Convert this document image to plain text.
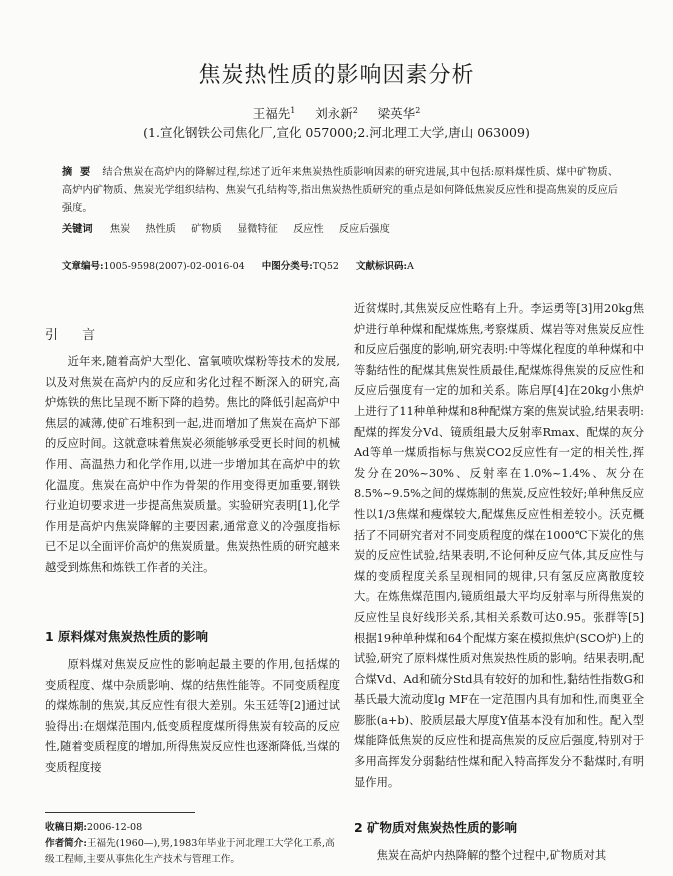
焦炭热性质的影响因素分析
王福先$^1$ 刘永新$^2$ 梁英华$^2$
(1.宣化钢铁公司焦化厂,宣化 057000;2.河北理工大学,唐山 063009)
摘 要 结合焦炭在高炉内的降解过程,综述了近年来焦炭热性质影响因素的研究进展,其中包括:原料煤性质、煤中矿物质、高炉内矿物质、焦炭光学组织结构、焦炭气孔结构等,指出焦炭热性质研究的重点是如何降低焦炭反应性和提高焦炭的反应后强度。
关键词 焦炭 热性质 矿物质 显微特征 反应性 反应后强度
文章编号:1005-9598(2007)-02-0016-04 中图分类号:TQ52 文献标识码:A
引 言

近年来,随着高炉大型化、富氧喷吹煤粉等技术的发展,以及对焦炭在高炉内的反应和劣化过程不断深入的研究,高炉炼铁的焦比呈现不断下降的趋势。焦比的降低引起高炉中焦层的减薄,使矿石堆积到一起,进而增加了焦炭在高炉下部的反应时间。这就意味着焦炭必须能够承受更长时间的机械作用、高温热力和化学作用,以进一步增加其在高炉中的软化温度。焦炭在高炉中作为骨架的作用变得更加重要,钢铁行业迫切要求进一步提高焦炭质量。实验研究表明[1],化学作用是高炉内焦炭降解的主要因素,通常意义的冷强度指标已不足以全面评价高炉的焦炭质量。焦炭热性质的研究越来越受到炼焦和炼铁工作者的关注。

1 原料煤对焦炭热性质的影响

原料煤对焦炭反应性的影响起最主要的作用,包括煤的变质程度、煤中杂质影响、煤的结焦性能等。不同变质程度的煤炼制的焦炭,其反应性有很大差别。朱玉廷等[2]通过试验得出:在烟煤范围内,低变质程度煤所得焦炭有较高的反应性,随着变质程度的增加,所得焦炭反应性也逐渐降低,当煤的变质程度接

收稿日期:2006-12-08
作者简介:王福先(1960—),男,1983年毕业于河北理工大学化工系,高级工程师,主要从事焦化生产技术与管理工作。

近贫煤时,其焦炭反应性略有上升。李运勇等[3]用20kg焦炉进行单种煤和配煤炼焦,考察煤质、煤岩等对焦炭反应性和反应后强度的影响,研究表明:中等煤化程度的单种煤和中等黏结性的配煤其焦炭性质最佳,配煤炼得焦炭的反应性和反应后强度有一定的加和关系。陈启厚[4]在20kg小焦炉上进行了11种单种煤和8种配煤方案的焦炭试验,结果表明:配煤的挥发分Vd、镜质组最大反射率Rmax、配煤的灰分Ad等单一煤质指标与焦炭CO2反应性有一定的相关性,挥发分在20%~30%、反射率在1.0%~1.4%、灰分在8.5%~9.5%之间的煤炼制的焦炭,反应性较好;单种焦反应性以1/3焦煤和瘦煤较大,配煤焦反应性相差较小。沃克概括了不同研究者对不同变质程度的煤在1000℃下炭化的焦炭的反应性试验,结果表明,不论何种反应气体,其反应性与煤的变质程度关系呈现相同的规律,只有氢反应离散度较大。在炼焦煤范围内,镜质组最大平均反射率与所得焦炭的反应性呈良好线形关系,其相关系数可达0.95。张群等[5]根据19种单种煤和64个配煤方案在模拟焦炉(SCO炉)上的试验,研究了原料煤性质对焦炭热性质的影响。结果表明,配合煤Vd、Ad和硫分Std具有较好的加和性,黏结性指数G和基氏最大流动度lg MF在一定范围内具有加和性,而奥亚全膨胀(a+b)、胶质层最大厚度Y值基本没有加和性。配入型煤能降低焦炭的反应性和提高焦炭的反应后强度,特别对于多用高挥发分弱黏结性煤和配入特高挥发分不黏煤时,有明显作用。

2 矿物质对焦炭热性质的影响

焦炭在高炉内热降解的整个过程中,矿物质对其
